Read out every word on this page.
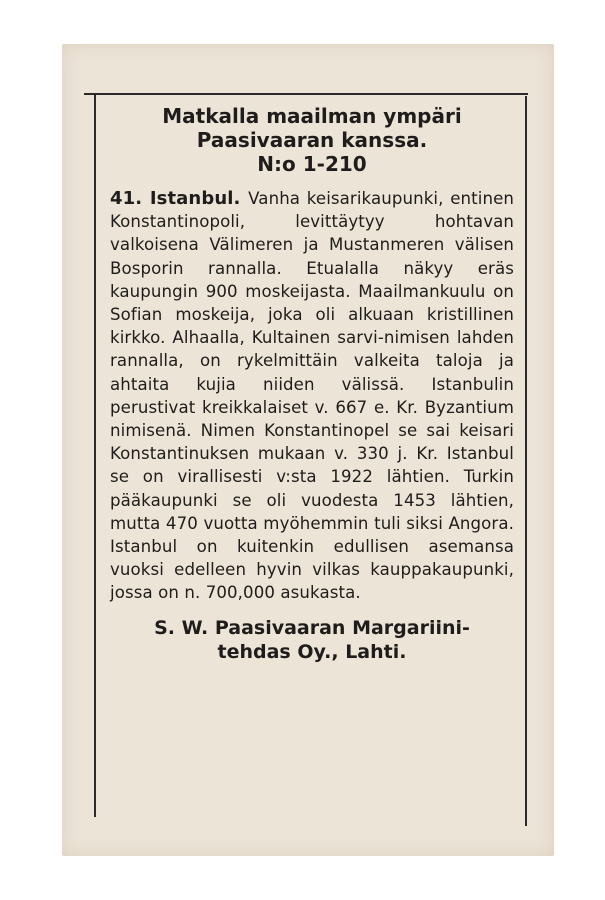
Matkalla maailman ympäri

Paasivaaran kanssa.

N:o 1-210

41. Istanbul. Vanha keisarikaupunki, entinen Konstantinopoli, levittäytyy hohtavan valkoisena Välimeren ja Mustanmeren välisen Bosporin rannalla. Etualalla näkyy eräs kaupungin 900 moskeijasta. Maailmankuulu on Sofian moskeija, joka oli alkuaan kristillinen kirkko. Alhaalla, Kultainen sarvi-nimisen lahden rannalla, on rykelmittäin valkeita taloja ja ahtaita kujia niiden välissä. Istanbulin perustivat kreikkalaiset v. 667 e. Kr. Byzantium nimisenä. Nimen Konstantinopel se sai keisari Konstantinuksen mukaan v. 330 j. Kr. Istanbul se on virallisesti v:sta 1922 lähtien. Turkin pääkaupunki se oli vuodesta 1453 lähtien, mutta 470 vuotta myöhemmin tuli siksi Angora. Istanbul on kuitenkin edullisen asemansa vuoksi edelleen hyvin vilkas kauppakaupunki, jossa on n. 700,000 asukasta.

S. W. Paasivaaran Margariini-

tehdas Oy., Lahti.
